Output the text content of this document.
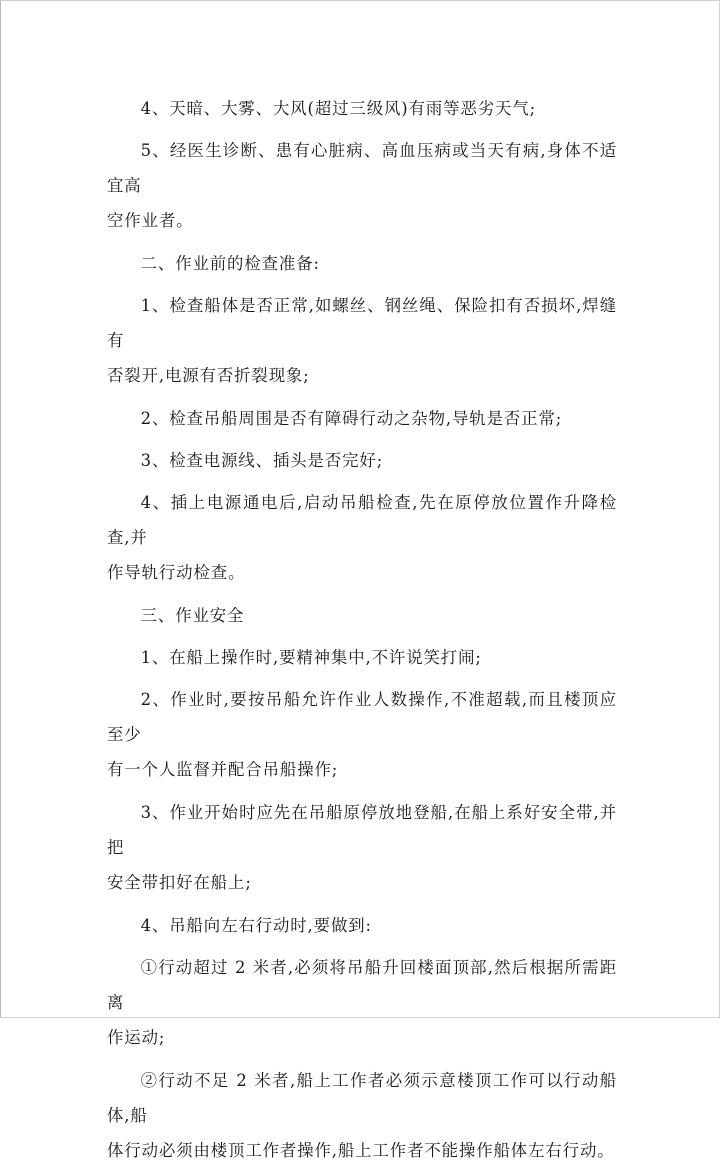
4、天暗、大雾、大风(超过三级风)有雨等恶劣天气;

5、经医生诊断、患有心脏病、高血压病或当天有病,身体不适宜高
空作业者。

二、作业前的检查准备:

1、检查船体是否正常,如螺丝、钢丝绳、保险扣有否损坏,焊缝有
否裂开,电源有否折裂现象;

2、检查吊船周围是否有障碍行动之杂物,导轨是否正常;

3、检查电源线、插头是否完好;

4、插上电源通电后,启动吊船检查,先在原停放位置作升降检查,并
作导轨行动检查。

三、作业安全

1、在船上操作时,要精神集中,不许说笑打闹;

2、作业时,要按吊船允许作业人数操作,不准超载,而且楼顶应至少
有一个人监督并配合吊船操作;

3、作业开始时应先在吊船原停放地登船,在船上系好安全带,并把
安全带扣好在船上;

4、吊船向左右行动时,要做到:

①行动超过 2 米者,必须将吊船升回楼面顶部,然后根据所需距离
作运动;

②行动不足 2 米者,船上工作者必须示意楼顶工作可以行动船体,船
体行动必须由楼顶工作者操作,船上工作者不能操作船体左右行动。
